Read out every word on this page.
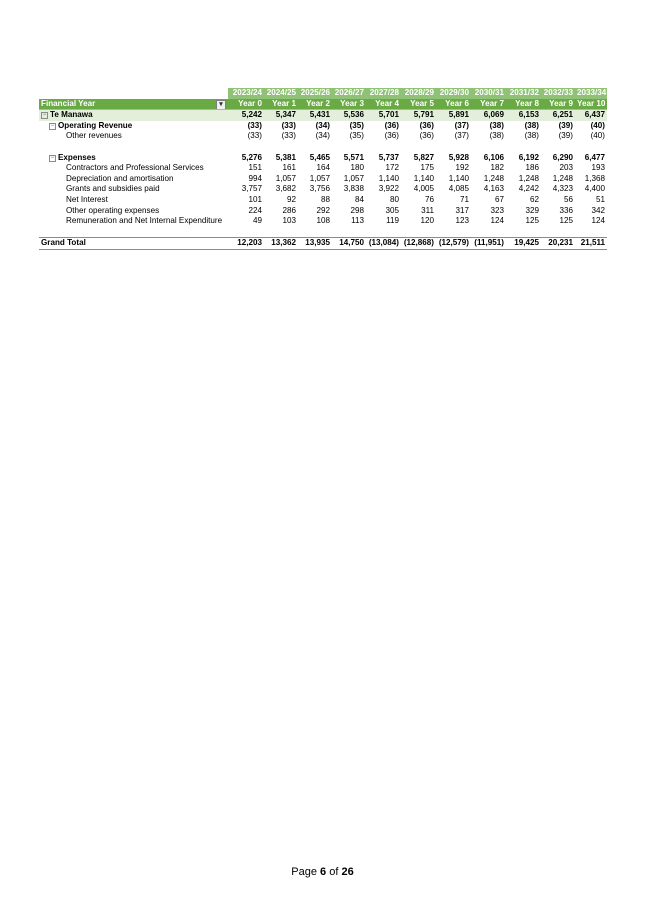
	2023/24	2024/25	2025/26	2026/27	2027/28	2028/29	2029/30	2030/31	2031/32	2032/33	2033/34
Financial Year ▾	Year 0	Year 1	Year 2	Year 3	Year 4	Year 5	Year 6	Year 7	Year 8	Year 9	Year 10
− Te Manawa	5,242	5,347	5,431	5,536	5,701	5,791	5,891	6,069	6,153	6,251	6,437
− Operating Revenue	(33)	(33)	(34)	(35)	(36)	(36)	(37)	(38)	(38)	(39)	(40)
Other revenues	(33)	(33)	(34)	(35)	(36)	(36)	(37)	(38)	(38)	(39)	(40)

− Expenses	5,276	5,381	5,465	5,571	5,737	5,827	5,928	6,106	6,192	6,290	6,477
Contractors and Professional Services	151	161	164	180	172	175	192	182	186	203	193
Depreciation and amortisation	994	1,057	1,057	1,057	1,140	1,140	1,140	1,248	1,248	1,248	1,368
Grants and subsidies paid	3,757	3,682	3,756	3,838	3,922	4,005	4,085	4,163	4,242	4,323	4,400
Net Interest	101	92	88	84	80	76	71	67	62	56	51
Other operating expenses	224	286	292	298	305	311	317	323	329	336	342
Remuneration and Net Internal Expenditure	49	103	108	113	119	120	123	124	125	125	124

Grand Total	12,203	13,362	13,935	14,750	(13,084)	(12,868)	(12,579)	(11,951)	19,425	20,231	21,511
Page 6 of 26
